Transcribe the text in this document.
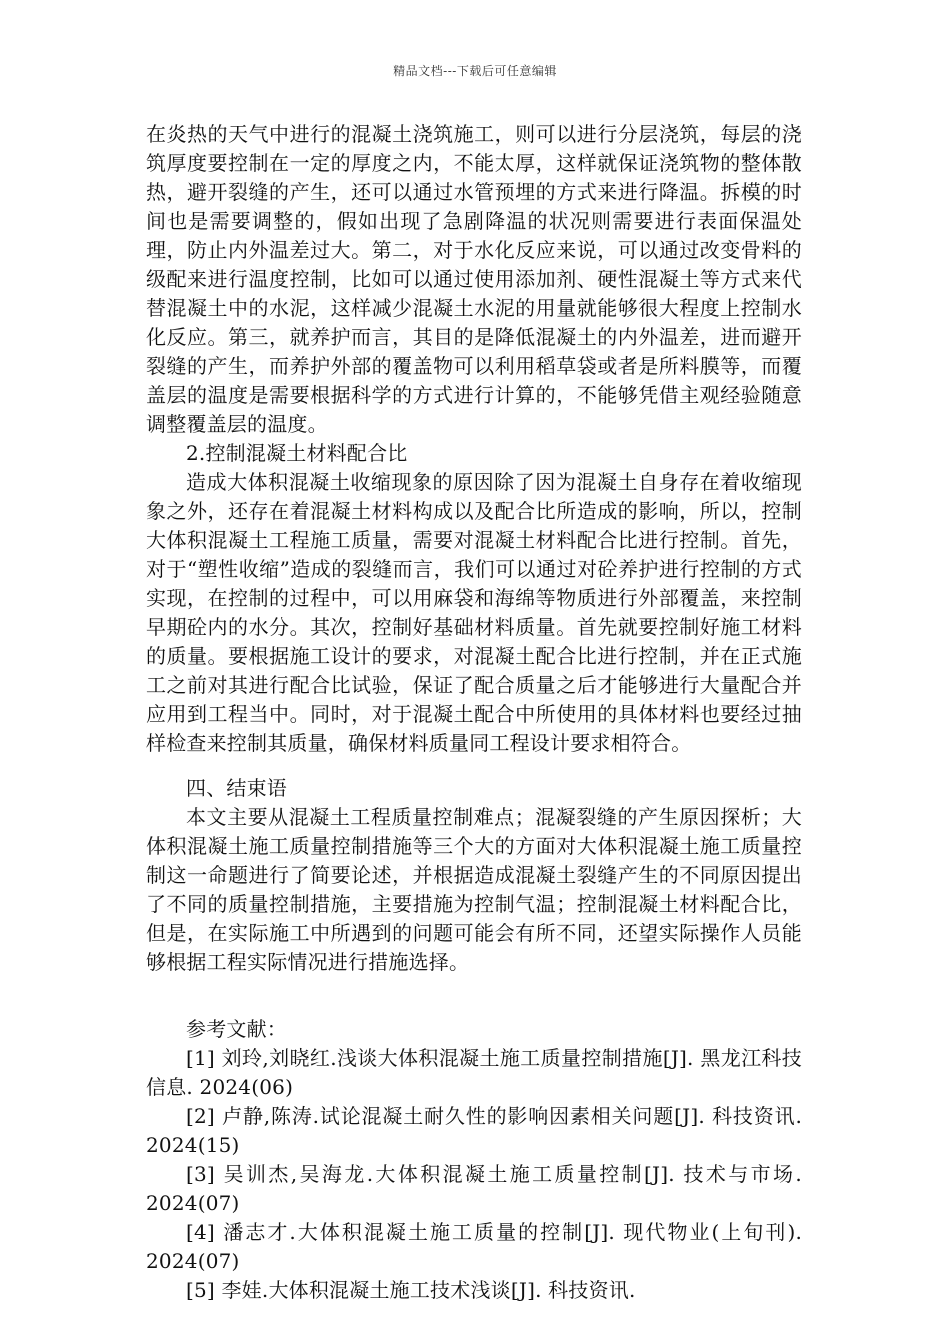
精品文档---下载后可任意编辑

在炎热的天气中进行的混凝土浇筑施工，则可以进行分层浇筑，每层的浇筑厚度要控制在一定的厚度之内，不能太厚，这样就保证浇筑物的整体散热，避开裂缝的产生，还可以通过水管预埋的方式来进行降温。拆模的时间也是需要调整的，假如出现了急剧降温的状况则需要进行表面保温处理，防止内外温差过大。第二，对于水化反应来说，可以通过改变骨料的级配来进行温度控制，比如可以通过使用添加剂、硬性混凝土等方式来代替混凝土中的水泥，这样减少混凝土水泥的用量就能够很大程度上控制水化反应。第三，就养护而言，其目的是降低混凝土的内外温差，进而避开裂缝的产生，而养护外部的覆盖物可以利用稻草袋或者是所料膜等，而覆盖层的温度是需要根据科学的方式进行计算的，不能够凭借主观经验随意调整覆盖层的温度。

2.控制混凝土材料配合比

造成大体积混凝土收缩现象的原因除了因为混凝土自身存在着收缩现象之外，还存在着混凝土材料构成以及配合比所造成的影响，所以，控制大体积混凝土工程施工质量，需要对混凝土材料配合比进行控制。首先，对于“塑性收缩”造成的裂缝而言，我们可以通过对砼养护进行控制的方式实现，在控制的过程中，可以用麻袋和海绵等物质进行外部覆盖，来控制早期砼内的水分。其次，控制好基础材料质量。首先就要控制好施工材料的质量。要根据施工设计的要求，对混凝土配合比进行控制，并在正式施工之前对其进行配合比试验，保证了配合质量之后才能够进行大量配合并应用到工程当中。同时，对于混凝土配合中所使用的具体材料也要经过抽样检查来控制其质量，确保材料质量同工程设计要求相符合。

四、结束语

本文主要从混凝土工程质量控制难点；混凝裂缝的产生原因探析；大体积混凝土施工质量控制措施等三个大的方面对大体积混凝土施工质量控制这一命题进行了简要论述，并根据造成混凝土裂缝产生的不同原因提出了不同的质量控制措施，主要措施为控制气温；控制混凝土材料配合比，但是，在实际施工中所遇到的问题可能会有所不同，还望实际操作人员能够根据工程实际情况进行措施选择。

参考文献：

[1] 刘玲,刘晓红.浅谈大体积混凝土施工质量控制措施[J]. 黑龙江科技信息. 2024(06)

[2] 卢静,陈涛.试论混凝土耐久性的影响因素相关问题[J]. 科技资讯. 2024(15)

[3] 吴训杰,吴海龙.大体积混凝土施工质量控制[J]. 技术与市场. 2024(07)

[4] 潘志才.大体积混凝土施工质量的控制[J]. 现代物业(上旬刊). 2024(07)

[5] 李娃.大体积混凝土施工技术浅谈[J]. 科技资讯.
